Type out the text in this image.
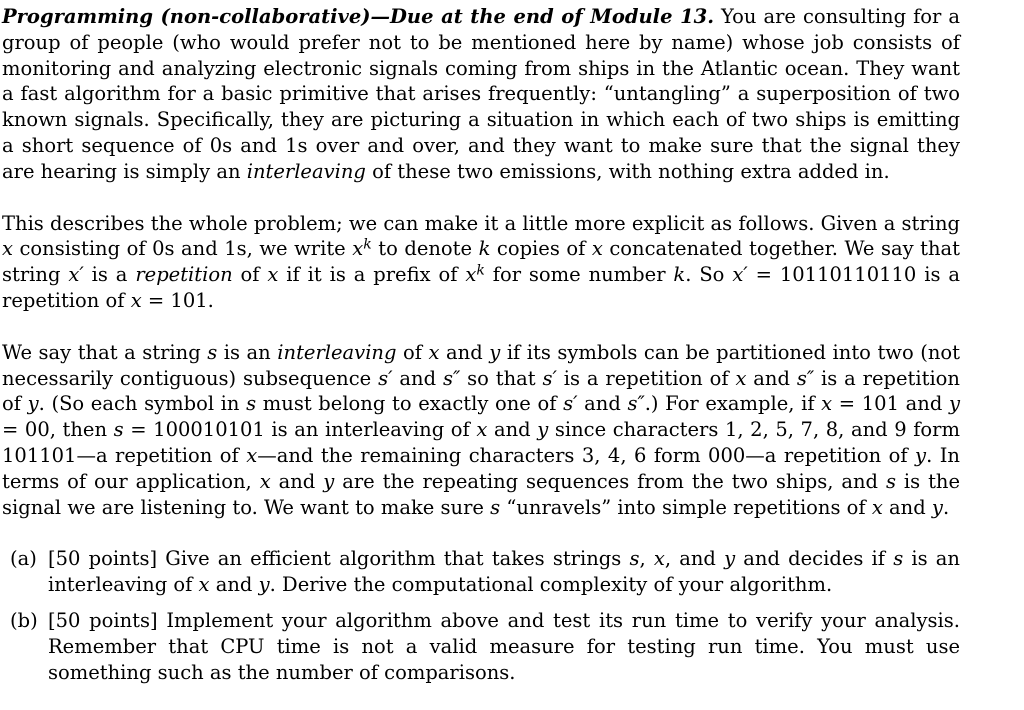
Programming (non-collaborative)—Due at the end of Module 13. You are consulting for a group of people (who would prefer not to be mentioned here by name) whose job consists of monitoring and analyzing electronic signals coming from ships in the Atlantic ocean. They want a fast algorithm for a basic primitive that arises frequently: “untangling” a superposition of two known signals. Specifically, they are picturing a situation in which each of two ships is emitting a short sequence of 0s and 1s over and over, and they want to make sure that the signal they are hearing is simply an interleaving of these two emissions, with nothing extra added in.

This describes the whole problem; we can make it a little more explicit as follows. Given a string x consisting of 0s and 1s, we write $x^k$ to denote k copies of x concatenated together. We say that string x′ is a repetition of x if it is a prefix of $x^k$ for some number k. So x′ = 10110110110 is a repetition of x = 101.

We say that a string s is an interleaving of x and y if its symbols can be partitioned into two (not necessarily contiguous) subsequence s′ and s″ so that s′ is a repetition of x and s″ is a repetition of y. (So each symbol in s must belong to exactly one of s′ and s″.) For example, if x = 101 and y = 00, then s = 100010101 is an interleaving of x and y since characters 1, 2, 5, 7, 8, and 9 form 101101—a repetition of x—and the remaining characters 3, 4, 6 form 000—a repetition of y. In terms of our application, x and y are the repeating sequences from the two ships, and s is the signal we are listening to. We want to make sure s “unravels” into simple repetitions of x and y.

(a) [50 points] Give an efficient algorithm that takes strings s, x, and y and decides if s is an interleaving of x and y. Derive the computational complexity of your algorithm.
(b) [50 points] Implement your algorithm above and test its run time to verify your analysis. Remember that CPU time is not a valid measure for testing run time. You must use something such as the number of comparisons.
